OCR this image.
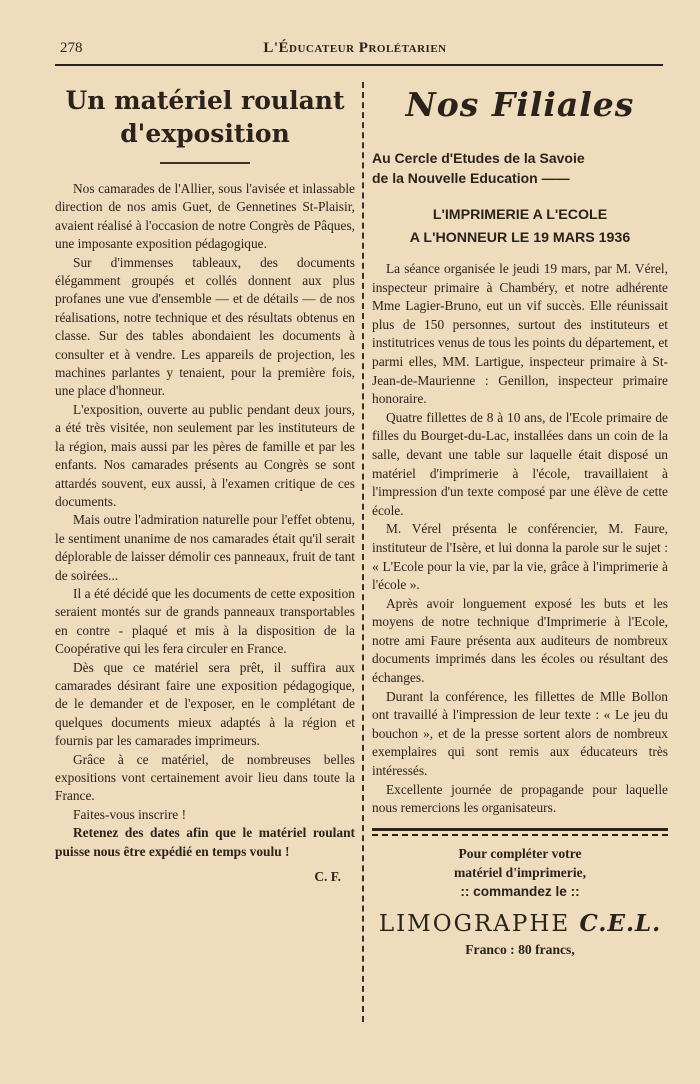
278	L'Éducateur Prolétarien
Un matériel roulant
d'exposition

Nos camarades de l'Allier, sous l'avisée et inlassable direction de nos amis Guet, de Gennetines St-Plaisir, avaient réalisé à l'occasion de notre Congrès de Pâques, une imposante exposition pédagogique.

Sur d'immenses tableaux, des documents élégamment groupés et collés donnent aux plus profanes une vue d'ensemble — et de détails — de nos réalisations, notre technique et des résultats obtenus en classe. Sur des tables abondaient les documents à consulter et à vendre. Les appareils de projection, les machines parlantes y tenaient, pour la première fois, une place d'honneur.

L'exposition, ouverte au public pendant deux jours, a été très visitée, non seulement par les instituteurs de la région, mais aussi par les pères de famille et par les enfants. Nos camarades présents au Congrès se sont attardés souvent, eux aussi, à l'examen critique de ces documents.

Mais outre l'admiration naturelle pour l'effet obtenu, le sentiment unanime de nos camarades était qu'il serait déplorable de laisser démolir ces panneaux, fruit de tant de soirées...

Il a été décidé que les documents de cette exposition seraient montés sur de grands panneaux transportables en contre - plaqué et mis à la disposition de la Coopérative qui les fera circuler en France.

Dès que ce matériel sera prêt, il suffira aux camarades désirant faire une exposition pédagogique, de le demander et de l'exposer, en le complétant de quelques documents mieux adaptés à la région et fournis par les camarades imprimeurs.

Grâce à ce matériel, de nombreuses belles expositions vont certainement avoir lieu dans toute la France.

Faites-vous inscrire !

Retenez des dates afin que le matériel roulant puisse nous être expédié en temps voulu !

C. F.
Nos Filiales
Au Cercle d'Etudes de la Savoie
de la Nouvelle Education ——
L'IMPRIMERIE A L'ECOLE
A L'HONNEUR LE 19 MARS 1936

La séance organisée le jeudi 19 mars, par M. Vérel, inspecteur primaire à Chambéry, et notre adhérente Mme Lagier-Bruno, eut un vif succès. Elle réunissait plus de 150 personnes, surtout des instituteurs et institutrices venus de tous les points du département, et parmi elles, MM. Lartigue, inspecteur primaire à St-Jean-de-Maurienne : Genillon, inspecteur primaire honoraire.

Quatre fillettes de 8 à 10 ans, de l'Ecole primaire de filles du Bourget-du-Lac, installées dans un coin de la salle, devant une table sur laquelle était disposé un matériel d'imprimerie à l'école, travaillaient à l'impression d'un texte composé par une élève de cette école.

M. Vérel présenta le conférencier, M. Faure, instituteur de l'Isère, et lui donna la parole sur le sujet : « L'Ecole pour la vie, par la vie, grâce à l'imprimerie à l'école ».

Après avoir longuement exposé les buts et les moyens de notre technique d'Imprimerie à l'Ecole, notre ami Faure présenta aux auditeurs de nombreux documents imprimés dans les écoles ou résultant des échanges.

Durant la conférence, les fillettes de Mlle Bollon ont travaillé à l'impression de leur texte : « Le jeu du bouchon », et de la presse sortent alors de nombreux exemplaires qui sont remis aux éducateurs très intéressés.

Excellente journée de propagande pour laquelle nous remercions les organisateurs.

Pour compléter votre
matériel d'imprimerie,
:: commandez le ::
LIMOGRAPHE C.E.L.
Franco : 80 francs,
